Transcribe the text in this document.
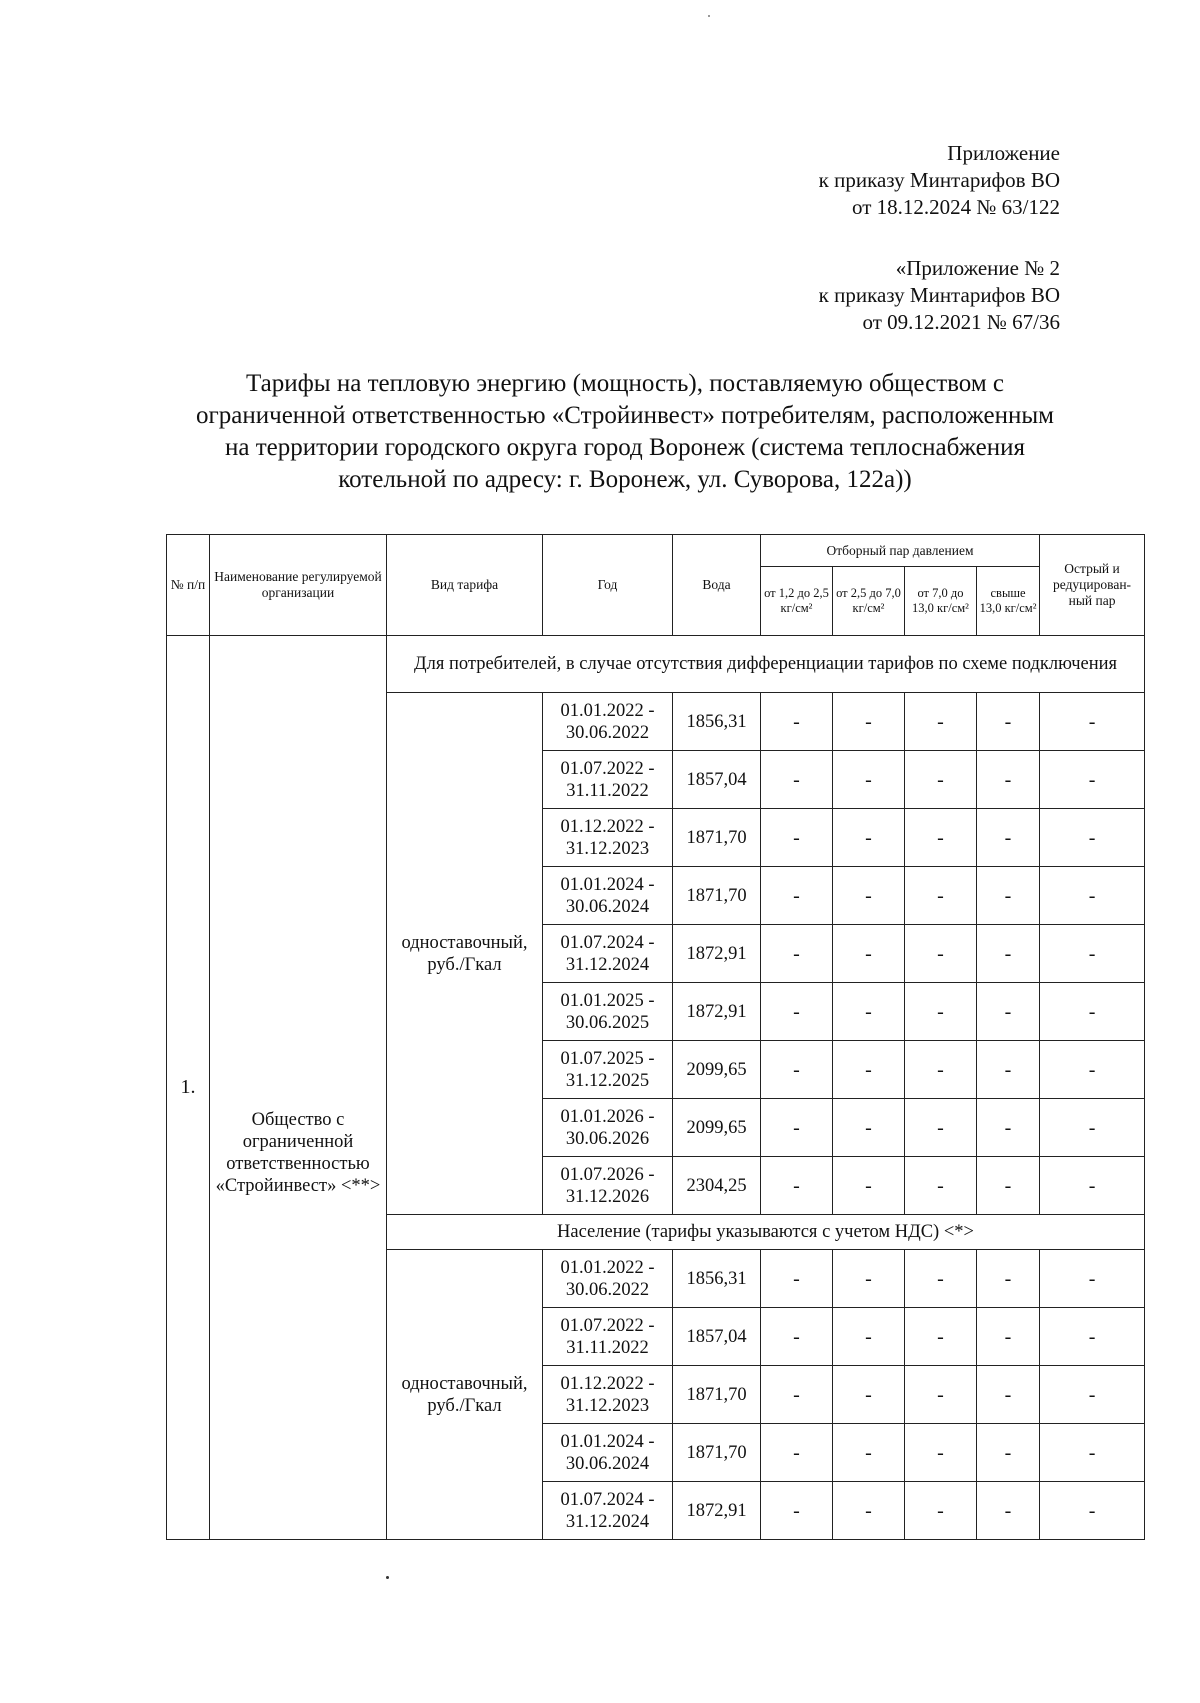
Приложение
к приказу Минтарифов ВО
от 18.12.2024 № 63/122
«Приложение № 2
к приказу Минтарифов ВО
от 09.12.2021 № 67/36
Тарифы на тепловую энергию (мощность), поставляемую обществом с
ограниченной ответственностью «Стройинвест» потребителям, расположенным
на территории городского округа город Воронеж (система теплоснабжения
котельной по адресу: г. Воронеж, ул. Суворова, 122а))
№ п/п	Наименование регулируемой организации	Вид тарифа	Год	Вода	Отборный пар давлением				Острый и редуцирован-ный пар
					от 1,2 до 2,5 кг/см²	от 2,5 до 7,0 кг/см²	от 7,0 до 13,0 кг/см²	свыше 13,0 кг/см²	
1.	Общество с ограниченной ответственностью «Стройинвест» <**>	Для потребителей, в случае отсутствия дифференциации тарифов по схеме подключения							
		одноставочный, руб./Гкал	01.01.2022 - 30.06.2022	1856,31	-	-	-	-	-
			01.07.2022 - 31.11.2022	1857,04	-	-	-	-	-
			01.12.2022 - 31.12.2023	1871,70	-	-	-	-	-
			01.01.2024 - 30.06.2024	1871,70	-	-	-	-	-
			01.07.2024 - 31.12.2024	1872,91	-	-	-	-	-
			01.01.2025 - 30.06.2025	1872,91	-	-	-	-	-
			01.07.2025 - 31.12.2025	2099,65	-	-	-	-	-
			01.01.2026 - 30.06.2026	2099,65	-	-	-	-	-
			01.07.2026 - 31.12.2026	2304,25	-	-	-	-	-
		Население (тарифы указываются с учетом НДС) <*>							
		одноставочный, руб./Гкал	01.01.2022 - 30.06.2022	1856,31	-	-	-	-	-
			01.07.2022 - 31.11.2022	1857,04	-	-	-	-	-
			01.12.2022 - 31.12.2023	1871,70	-	-	-	-	-
			01.01.2024 - 30.06.2024	1871,70	-	-	-	-	-
			01.07.2024 - 31.12.2024	1872,91	-	-	-	-	-
